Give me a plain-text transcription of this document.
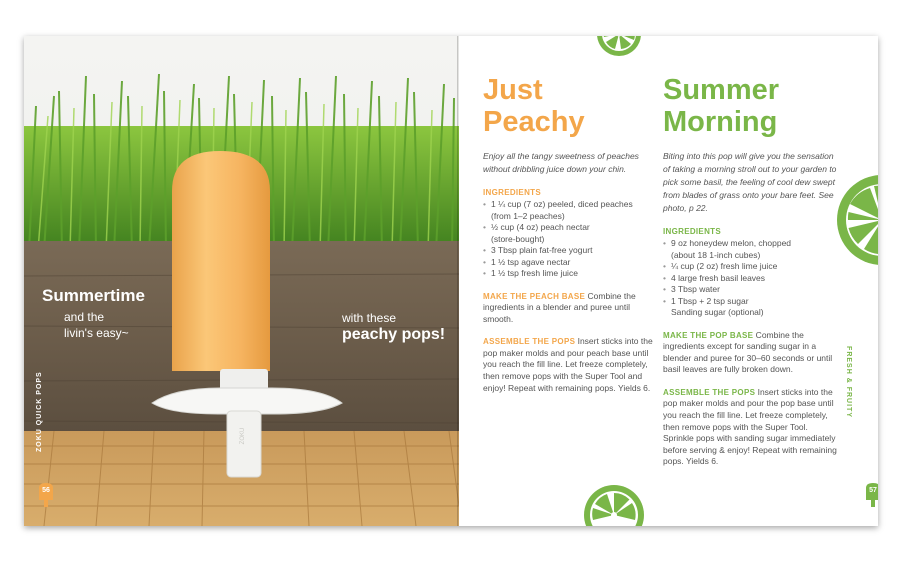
ZOKU
Summertime
and the
livin's easy~
with these
peachy pops!
ZOKU QUICK POPS
56
Just
Peachy

Enjoy all the tangy sweetness of peaches without dribbling juice down your chin.

INGREDIENTS
• 1 ¼ cup (7 oz) peeled, diced peaches
(from 1–2 peaches)
• ½ cup (4 oz) peach nectar
(store-bought)
• 3 Tbsp plain fat-free yogurt
• 1 ½ tsp agave nectar
• 1 ½ tsp fresh lime juice

MAKE THE PEACH BASE Combine the ingredients in a blender and puree until smooth.

ASSEMBLE THE POPS Insert sticks into the pop maker molds and pour peach base until you reach the fill line. Let freeze completely, then remove pops with the Super Tool and enjoy! Repeat with remaining pops. Yields 6.

Summer
Morning

Biting into this pop will give you the sensation of taking a morning stroll out to your garden to pick some basil, the feeling of cool dew swept from blades of grass onto your bare feet. See photo, p 22.

INGREDIENTS
• 9 oz honeydew melon, chopped
(about 18 1-inch cubes)
• ¼ cup (2 oz) fresh lime juice
• 4 large fresh basil leaves
• 3 Tbsp water
• 1 Tbsp + 2 tsp sugar
Sanding sugar (optional)

MAKE THE POP BASE Combine the ingredients except for sanding sugar in a blender and puree for 30–60 seconds or until basil leaves are fully broken down.

ASSEMBLE THE POPS Insert sticks into the pop maker molds and pour the pop base until you reach the fill line. Let freeze completely, then remove pops with the Super Tool. Sprinkle pops with sanding sugar immediately before serving & enjoy! Repeat with remaining pops. Yields 6.

FRESH & FRUITY
57
